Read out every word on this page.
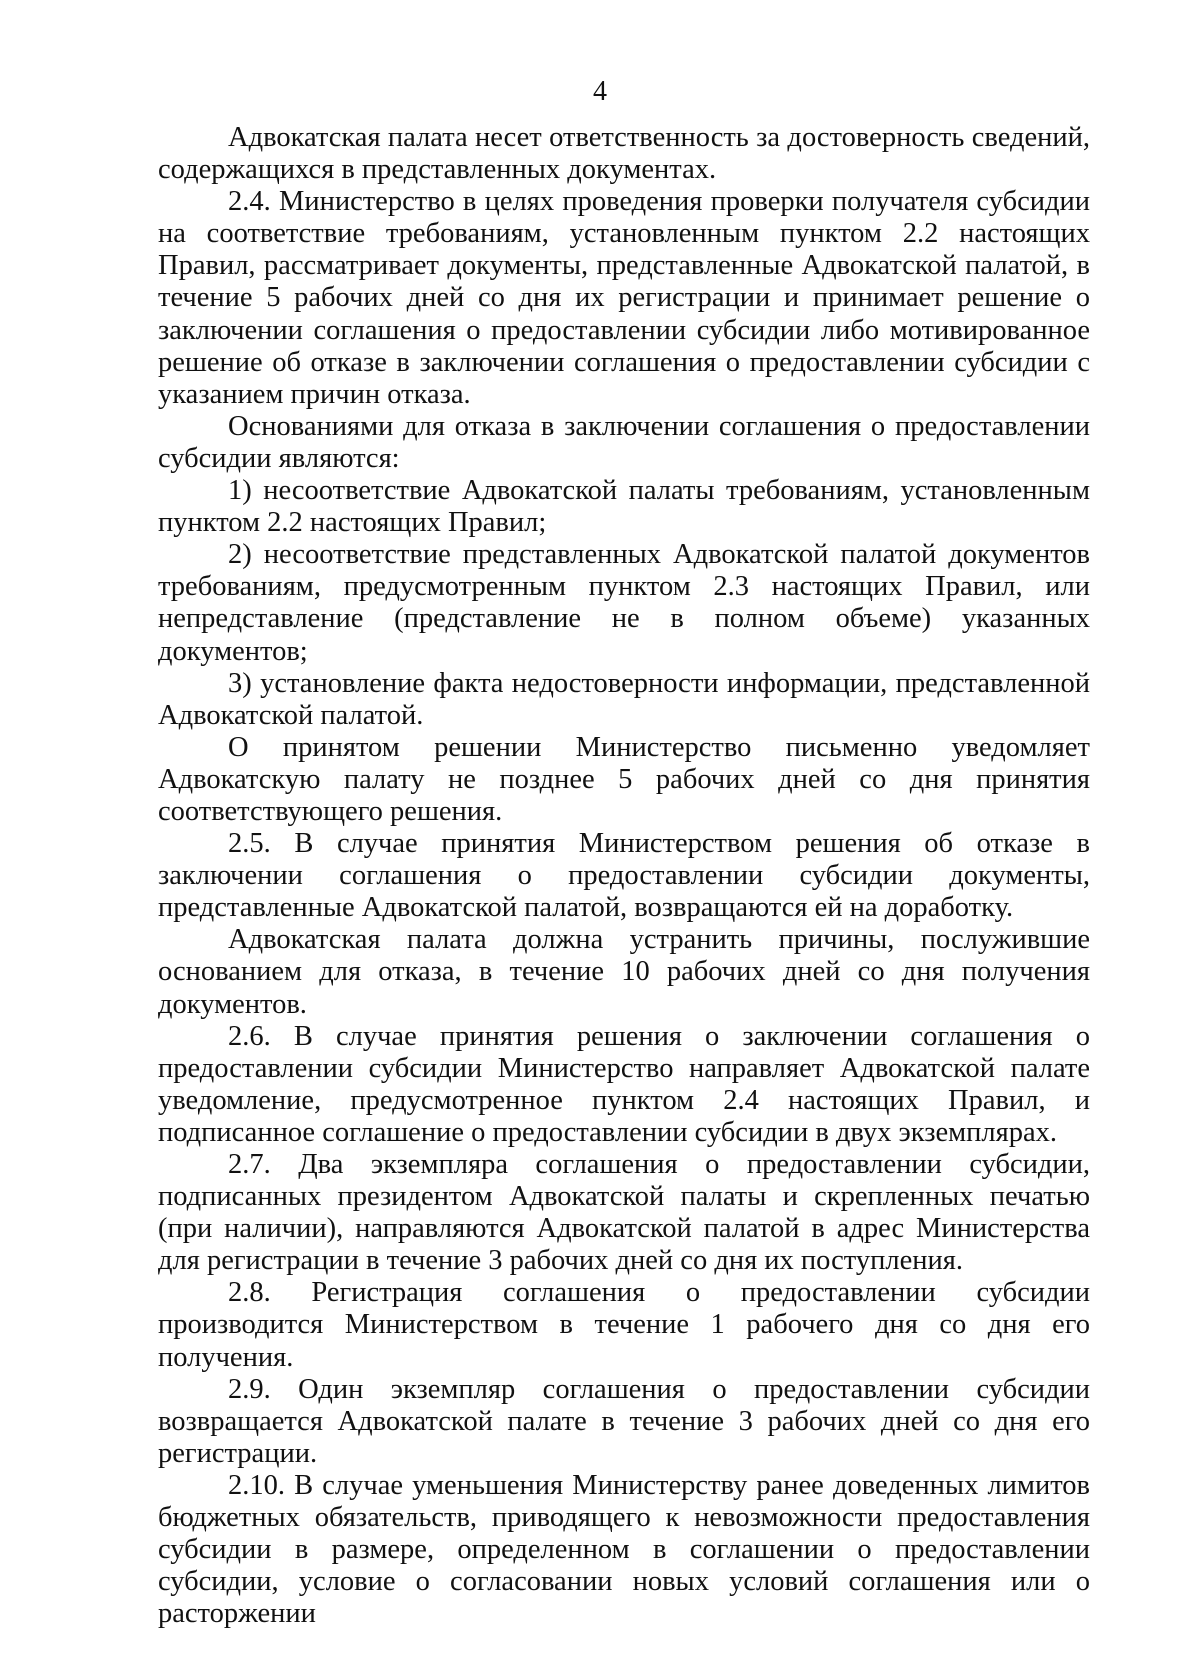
4

Адвокатская палата несет ответственность за достоверность сведений, содержащихся в представленных документах.

2.4. Министерство в целях проведения проверки получателя субсидии на соответствие требованиям, установленным пунктом 2.2 настоящих Правил, рассматривает документы, представленные Адвокатской палатой, в течение 5 рабочих дней со дня их регистрации и принимает решение о заключении соглашения о предоставлении субсидии либо мотивированное решение об отказе в заключении соглашения о предоставлении субсидии с указанием причин отказа.

Основаниями для отказа в заключении соглашения о предоставлении субсидии являются:

1) несоответствие Адвокатской палаты требованиям, установленным пунктом 2.2 настоящих Правил;

2) несоответствие представленных Адвокатской палатой документов требованиям, предусмотренным пунктом 2.3 настоящих Правил, или непредставление (представление не в полном объеме) указанных документов;

3) установление факта недостоверности информации, представленной Адвокатской палатой.

О принятом решении Министерство письменно уведомляет Адвокатскую палату не позднее 5 рабочих дней со дня принятия соответствующего решения.

2.5. В случае принятия Министерством решения об отказе в заключении соглашения о предоставлении субсидии документы, представленные Адвокатской палатой, возвращаются ей на доработку.

Адвокатская палата должна устранить причины, послужившие основанием для отказа, в течение 10 рабочих дней со дня получения документов.

2.6. В случае принятия решения о заключении соглашения о предоставлении субсидии Министерство направляет Адвокатской палате уведомление, предусмотренное пунктом 2.4 настоящих Правил, и подписанное соглашение о предоставлении субсидии в двух экземплярах.

2.7. Два экземпляра соглашения о предоставлении субсидии, подписанных президентом Адвокатской палаты и скрепленных печатью (при наличии), направляются Адвокатской палатой в адрес Министерства для регистрации в течение 3 рабочих дней со дня их поступления.

2.8. Регистрация соглашения о предоставлении субсидии производится Министерством в течение 1 рабочего дня со дня его получения.

2.9. Один экземпляр соглашения о предоставлении субсидии возвращается Адвокатской палате в течение 3 рабочих дней со дня его регистрации.

2.10. В случае уменьшения Министерству ранее доведенных лимитов бюджетных обязательств, приводящего к невозможности предоставления субсидии в размере, определенном в соглашении о предоставлении субсидии, условие о согласовании новых условий соглашения или о расторжении
